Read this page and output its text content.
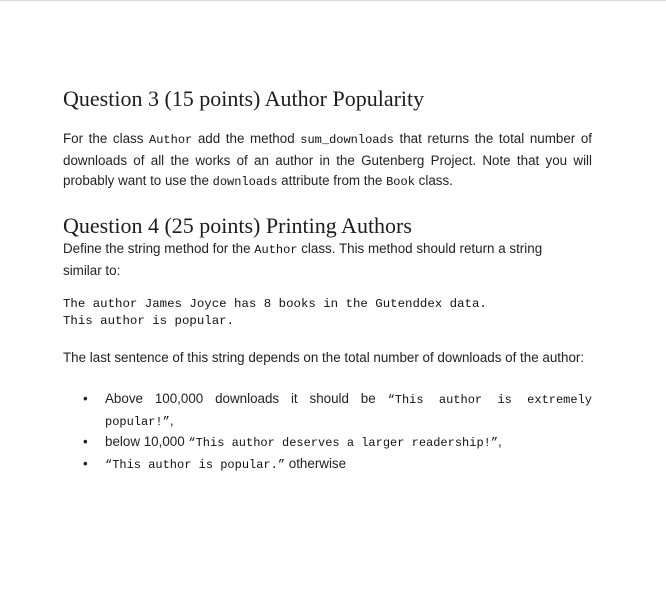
Question 3 (15 points) Author Popularity

For the class Author add the method sum_downloads that returns the total number of downloads of all the works of an author in the Gutenberg Project. Note that you will probably want to use the downloads attribute from the Book class.

Question 4 (25 points) Printing Authors

Define the string method for the Author class. This method should return a string similar to:

The author James Joyce has 8 books in the Gutenddex data.
This author is popular.

The last sentence of this string depends on the total number of downloads of the author:

• Above 100,000 downloads it should be “This author is extremely popular!”,
• below 10,000 “This author deserves a larger readership!”,
• “This author is popular.” otherwise
